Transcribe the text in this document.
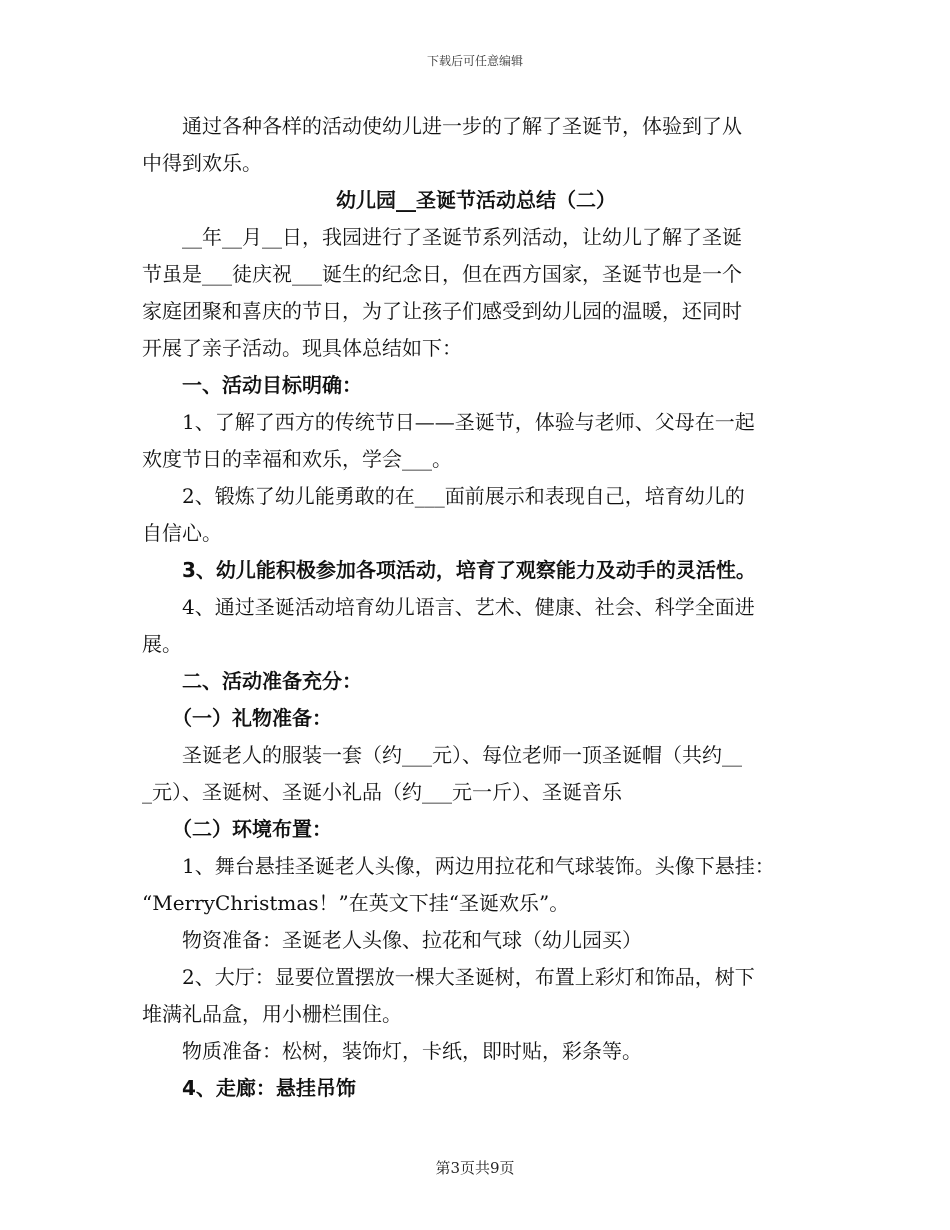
下载后可任意编辑

通过各种各样的活动使幼儿进一步的了解了圣诞节，体验到了从

中得到欢乐。

幼儿园__圣诞节活动总结（二）

__年__月__日，我园进行了圣诞节系列活动，让幼儿了解了圣诞

节虽是___徒庆祝___诞生的纪念日，但在西方国家，圣诞节也是一个

家庭团聚和喜庆的节日，为了让孩子们感受到幼儿园的温暖，还同时

开展了亲子活动。现具体总结如下：

一、活动目标明确：

1、了解了西方的传统节日——圣诞节，体验与老师、父母在一起

欢度节日的幸福和欢乐，学会___。

2、锻炼了幼儿能勇敢的在___面前展示和表现自己，培育幼儿的

自信心。

3、幼儿能积极参加各项活动，培育了观察能力及动手的灵活性。

4、通过圣诞活动培育幼儿语言、艺术、健康、社会、科学全面进

展。

二、活动准备充分：

（一）礼物准备：

圣诞老人的服装一套（约___元）、每位老师一顶圣诞帽（共约__

_元）、圣诞树、圣诞小礼品（约___元一斤）、圣诞音乐

（二）环境布置：

1、舞台悬挂圣诞老人头像，两边用拉花和气球装饰。头像下悬挂：

“MerryChristmas！”在英文下挂“圣诞欢乐”。

物资准备：圣诞老人头像、拉花和气球（幼儿园买）

2、大厅：显要位置摆放一棵大圣诞树，布置上彩灯和饰品，树下

堆满礼品盒，用小栅栏围住。

物质准备：松树，装饰灯，卡纸，即时贴，彩条等。

4、走廊：悬挂吊饰

第3页共9页
